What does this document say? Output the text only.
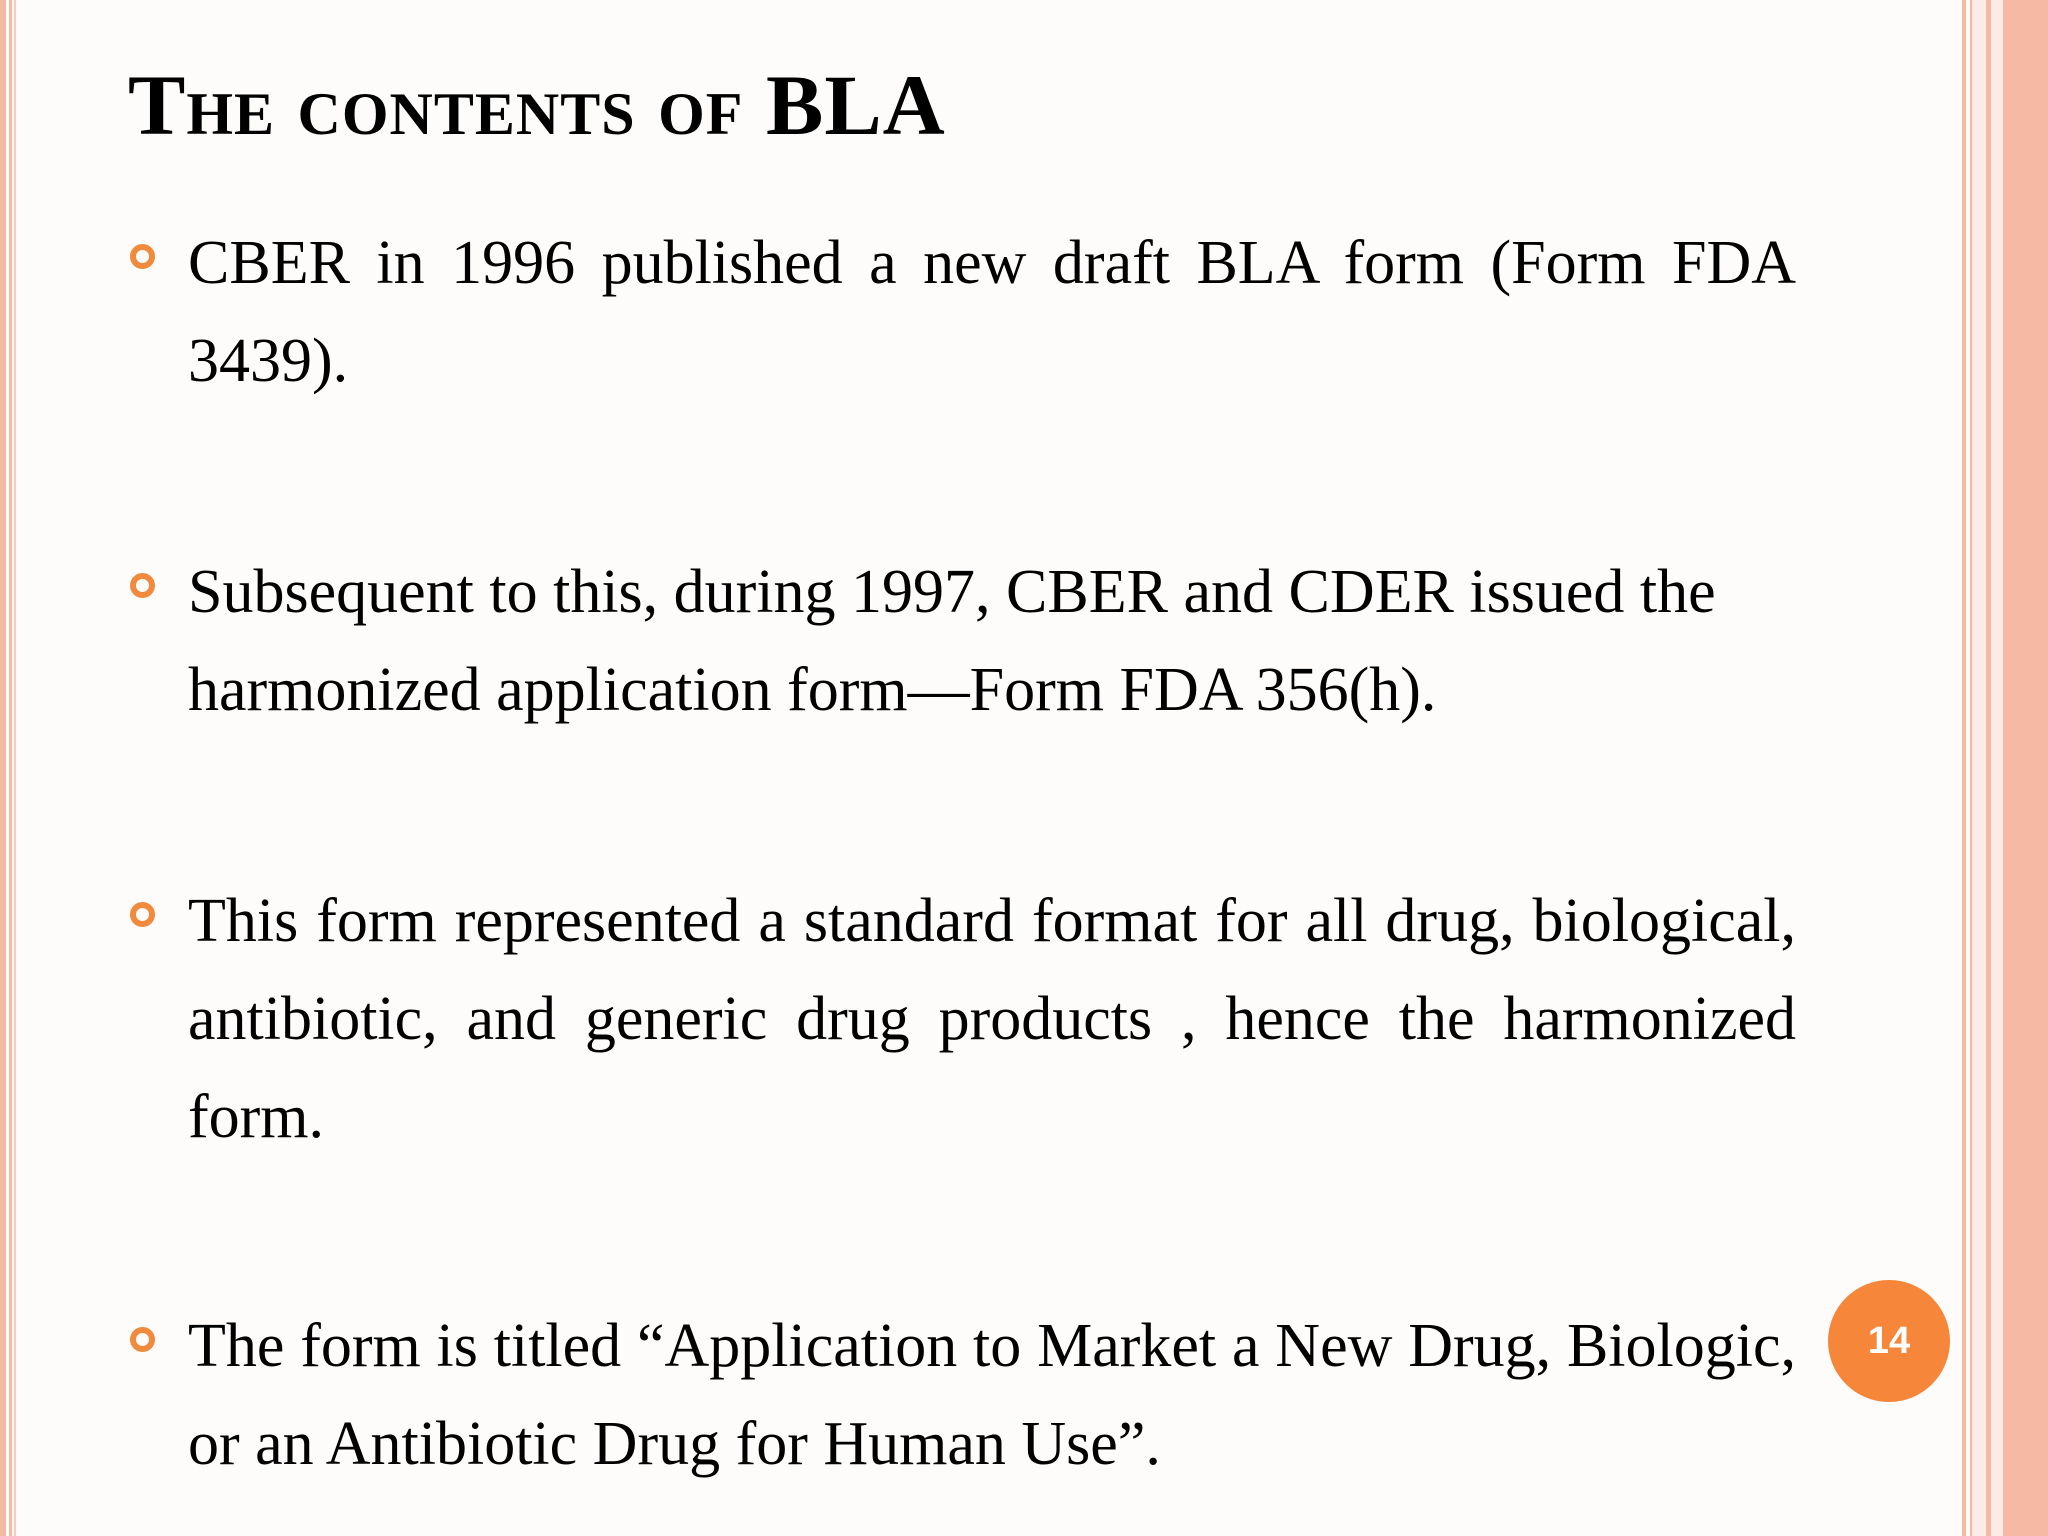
The contents of BLA

CBER in 1996 published a new draft BLA form (Form FDA 3439).

Subsequent to this, during 1997, CBER and CDER issued the harmonized application form—Form FDA 356(h).

This form represented a standard format for all drug, biological, antibiotic, and generic drug products , hence the harmonized form.

The form is titled “Application to Market a New Drug, Biologic, or an Antibiotic Drug for Human Use”.

14
